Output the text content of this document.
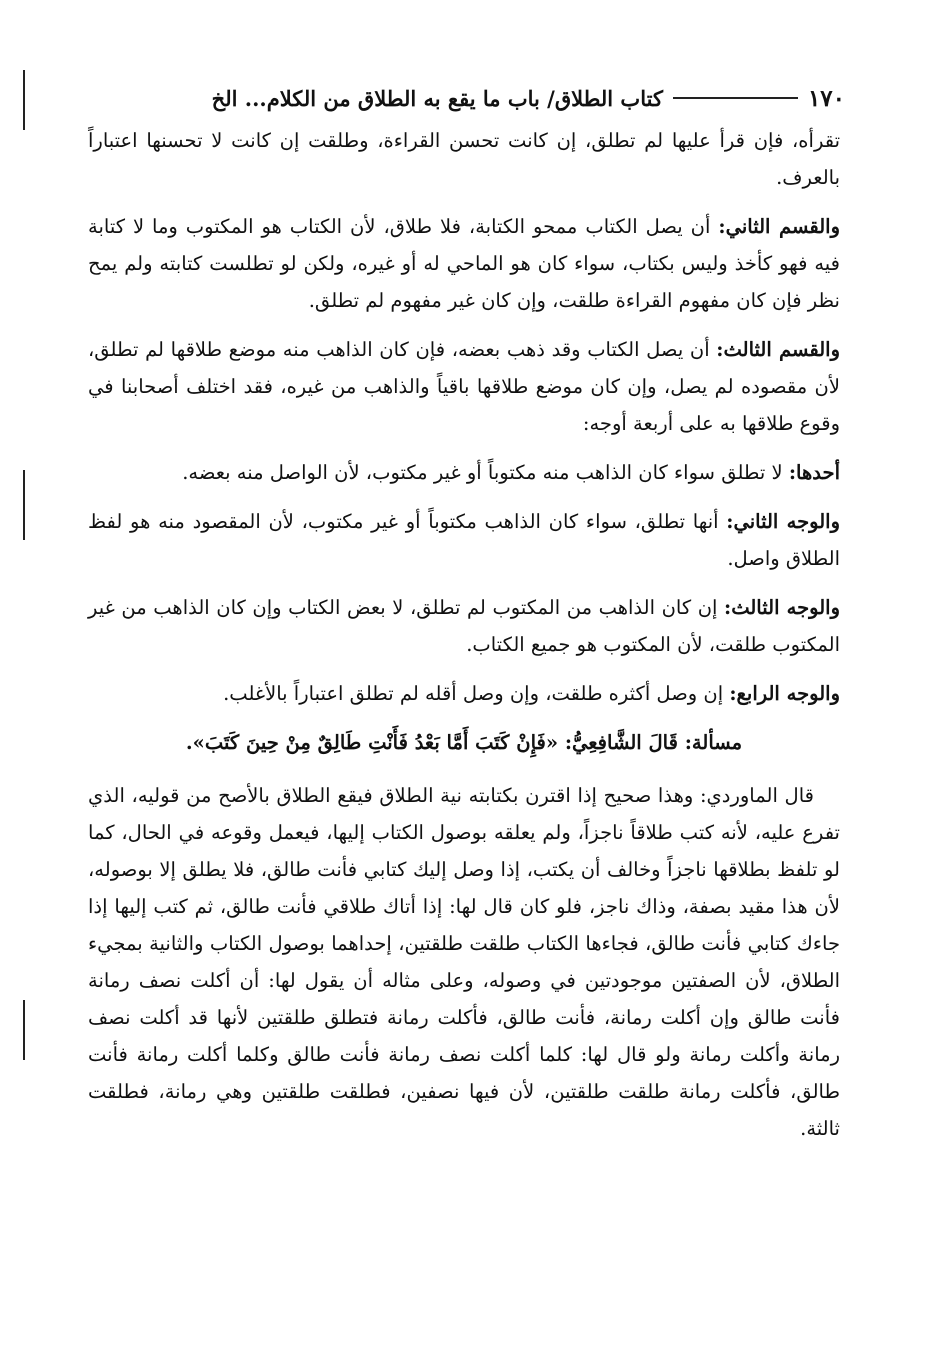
١٧٠
كتاب الطلاق/ باب ما يقع به الطلاق من الكلام... الخ

تقرأه، فإن قرأ عليها لم تطلق، إن كانت تحسن القراءة، وطلقت إن كانت لا تحسنها اعتباراً بالعرف.

والقسم الثاني: أن يصل الكتاب ممحو الكتابة، فلا طلاق، لأن الكتاب هو المكتوب وما لا كتابة فيه فهو كأخذ وليس بكتاب، سواء كان هو الماحي له أو غيره، ولكن لو تطلست كتابته ولم يمح نظر فإن كان مفهوم القراءة طلقت، وإن كان غير مفهوم لم تطلق.

والقسم الثالث: أن يصل الكتاب وقد ذهب بعضه، فإن كان الذاهب منه موضع طلاقها لم تطلق، لأن مقصوده لم يصل، وإن كان موضع طلاقها باقياً والذاهب من غيره، فقد اختلف أصحابنا في وقوع طلاقها به على أربعة أوجه:

أحدها: لا تطلق سواء كان الذاهب منه مكتوباً أو غير مكتوب، لأن الواصل منه بعضه.

والوجه الثاني: أنها تطلق، سواء كان الذاهب مكتوباً أو غير مكتوب، لأن المقصود منه هو لفظ الطلاق واصل.

والوجه الثالث: إن كان الذاهب من المكتوب لم تطلق، لا بعض الكتاب وإن كان الذاهب من غير المكتوب طلقت، لأن المكتوب هو جميع الكتاب.

والوجه الرابع: إن وصل أكثره طلقت، وإن وصل أقله لم تطلق اعتباراً بالأغلب.

مسألة: قَالَ الشَّافِعِيُّ: «فَإِنْ كَتَبَ أَمَّا بَعْدُ فَأَنْتِ طَالِقٌ مِنْ حِينَ كَتَبَ».

قال الماوردي: وهذا صحيح إذا اقترن بكتابته نية الطلاق فيقع الطلاق بالأصح من قوليه، الذي تفرع عليه، لأنه كتب طلاقاً ناجزاً، ولم يعلقه بوصول الكتاب إليها، فيعمل وقوعه في الحال، كما لو تلفظ بطلاقها ناجزاً وخالف أن يكتب، إذا وصل إليك كتابي فأنت طالق، فلا يطلق إلا بوصوله، لأن هذا مقيد بصفة، وذاك ناجز، فلو كان قال لها: إذا أتاك طلاقي فأنت طالق، ثم كتب إليها إذا جاءك كتابي فأنت طالق، فجاءها الكتاب طلقت طلقتين، إحداهما بوصول الكتاب والثانية بمجيء الطلاق، لأن الصفتين موجودتين في وصوله، وعلى مثاله أن يقول لها: أن أكلت نصف رمانة فأنت طالق وإن أكلت رمانة، فأنت طالق، فأكلت رمانة فتطلق طلقتين لأنها قد أكلت نصف رمانة وأكلت رمانة ولو قال لها: كلما أكلت نصف رمانة فأنت طالق وكلما أكلت رمانة فأنت طالق، فأكلت رمانة طلقت طلقتين، لأن فيها نصفين، فطلقت طلقتين وهي رمانة، فطلقت ثالثة.
